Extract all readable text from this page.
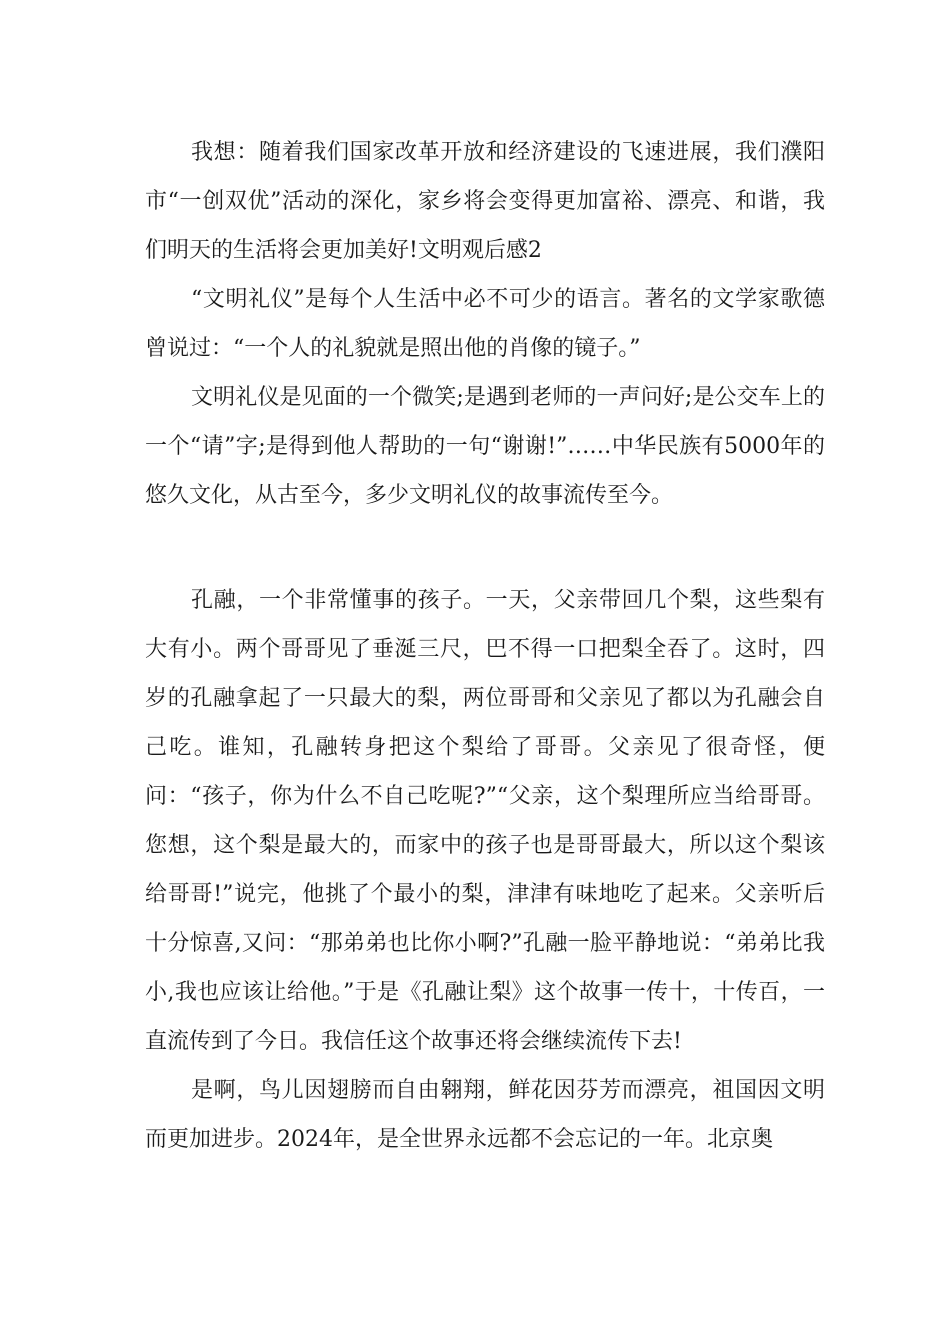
我想：随着我们国家改革开放和经济建设的飞速进展，我们濮阳市“一创双优”活动的深化，家乡将会变得更加富裕、漂亮、和谐，我们明天的生活将会更加美好!文明观后感2

“文明礼仪”是每个人生活中必不可少的语言。著名的文学家歌德曾说过：“一个人的礼貌就是照出他的肖像的镜子。”

文明礼仪是见面的一个微笑;是遇到老师的一声问好;是公交车上的一个“请”字;是得到他人帮助的一句“谢谢!”……中华民族有5000年的悠久文化，从古至今，多少文明礼仪的故事流传至今。

孔融，一个非常懂事的孩子。一天，父亲带回几个梨，这些梨有大有小。两个哥哥见了垂涎三尺，巴不得一口把梨全吞了。这时，四岁的孔融拿起了一只最大的梨，两位哥哥和父亲见了都以为孔融会自己吃。谁知，孔融转身把这个梨给了哥哥。父亲见了很奇怪，便问：“孩子，你为什么不自己吃呢?”“父亲，这个梨理所应当给哥哥。您想，这个梨是最大的，而家中的孩子也是哥哥最大，所以这个梨该给哥哥!”说完，他挑了个最小的梨，津津有味地吃了起来。父亲听后十分惊喜,又问：“那弟弟也比你小啊?”孔融一脸平静地说：“弟弟比我小,我也应该让给他。”于是《孔融让梨》这个故事一传十，十传百，一直流传到了今日。我信任这个故事还将会继续流传下去!

是啊，鸟儿因翅膀而自由翱翔，鲜花因芬芳而漂亮，祖国因文明而更加进步。2024年，是全世界永远都不会忘记的一年。北京奥
